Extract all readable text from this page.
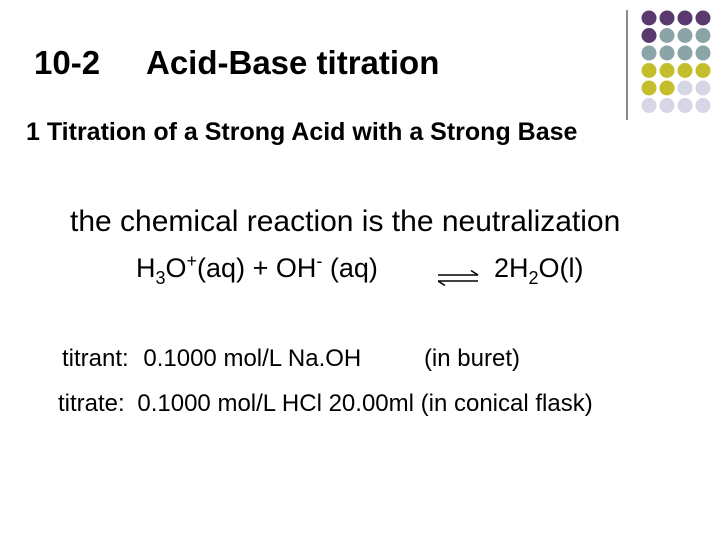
10-2 Acid-Base titration
1 Titration of a Strong Acid with a Strong Base
the chemical reaction is the neutralization
$H_3O^+(aq) + OH^-$ (aq)	⇌ $2H_2O(l)$
titrant: 0.1000 mol/L Na.OH	(in buret)
titrate: 0.1000 mol/L HCl 20.00ml (in conical flask)
